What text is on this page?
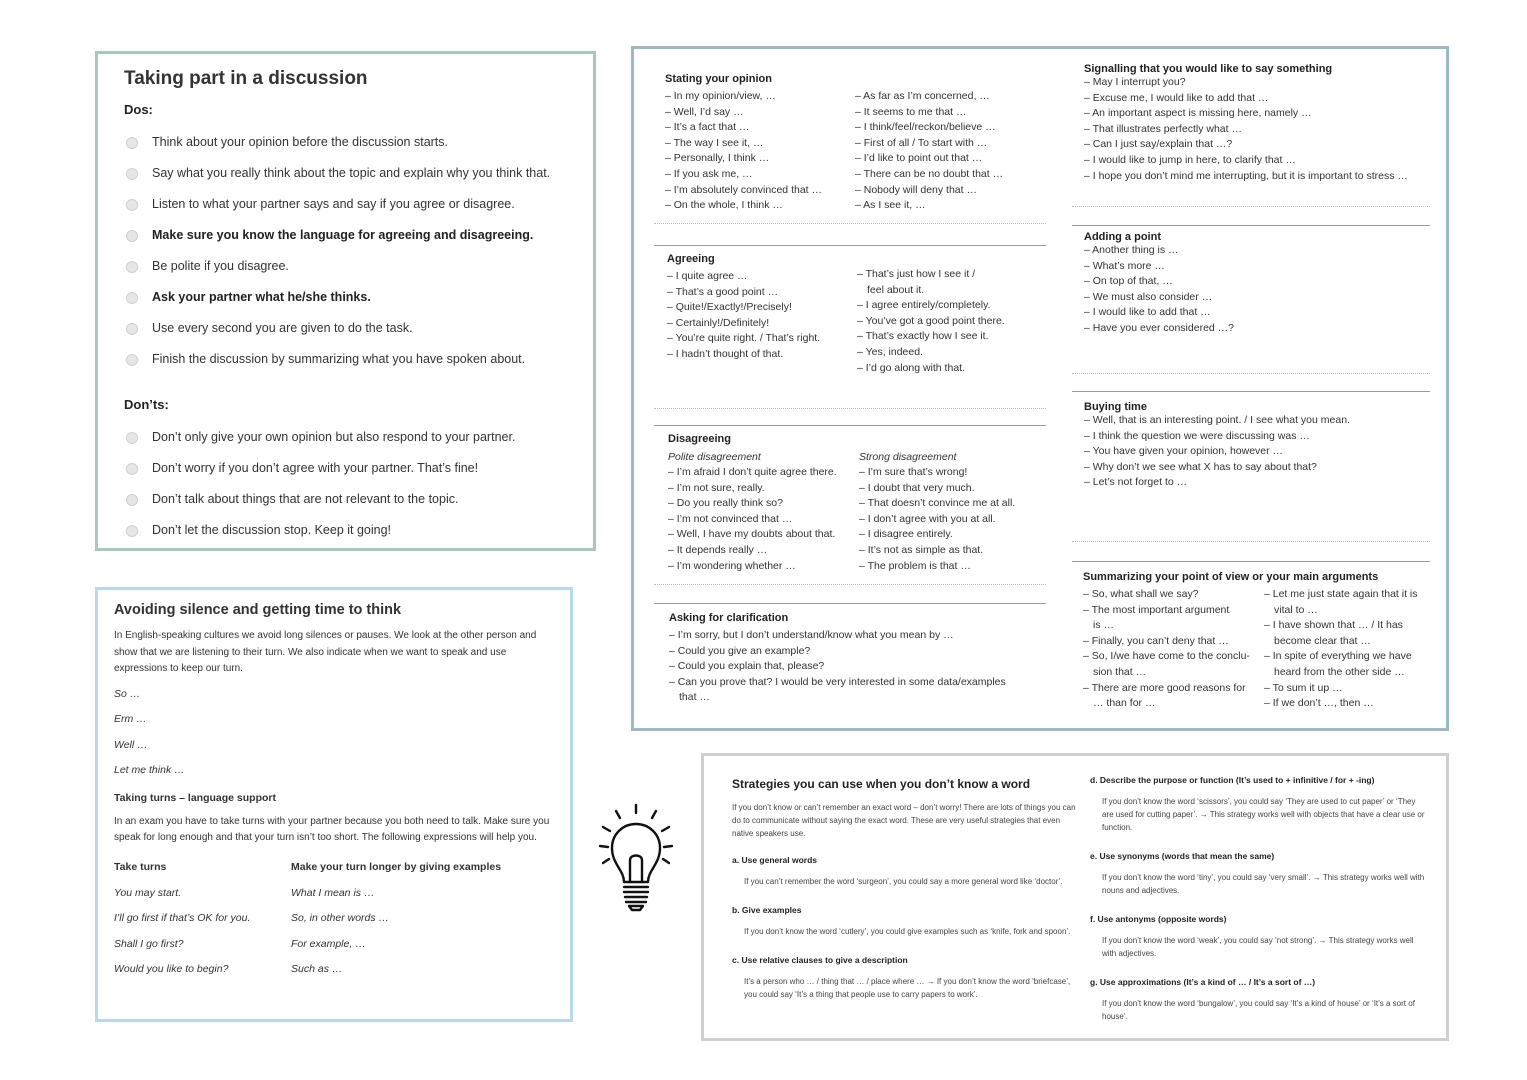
Taking part in a discussion
Dos:
Think about your opinion before the discussion starts.
Say what you really think about the topic and explain why you think that.
Listen to what your partner says and say if you agree or disagree.
Make sure you know the language for agreeing and disagreeing.
Be polite if you disagree.
Ask your partner what he/she thinks.
Use every second you are given to do the task.
Finish the discussion by summarizing what you have spoken about.
Don’ts:
Don’t only give your own opinion but also respond to your partner.
Don’t worry if you don’t agree with your partner. That’s fine!
Don’t talk about things that are not relevant to the topic.
Don’t let the discussion stop. Keep it going!
Avoiding silence and getting time to think

In English-speaking cultures we avoid long silences or pauses. We look at the other person and show that we are listening to their turn. We also indicate when we want to speak and use expressions to keep our turn.

So …
Erm …
Well …
Let me think …
Taking turns – language support

In an exam you have to take turns with your partner because you both need to talk. Make sure you speak for long enough and that your turn isn’t too short. The following expressions will help you.

Take turns
You may start.
I’ll go first if that’s OK for you.
Shall I go first?
Would you like to begin?
Make your turn longer by giving examples
What I mean is …
So, in other words …
For example, …
Such as …
Stating your opinion
– In my opinion/view, …
– Well, I’d say …
– It’s a fact that …
– The way I see it, …
– Personally, I think …
– If you ask me, …
– I’m absolutely convinced that …
– On the whole, I think …
– As far as I’m concerned, …
– It seems to me that …
– I think/feel/reckon/believe …
– First of all / To start with …
– I’d like to point out that …
– There can be no doubt that …
– Nobody will deny that …
– As I see it, …
Agreeing
– I quite agree …
– That’s a good point …
– Quite!/Exactly!/Precisely!
– Certainly!/Definitely!
– You’re quite right. / That’s right.
– I hadn’t thought of that.
– That’s just how I see it /
feel about it.
– I agree entirely/completely.
– You’ve got a good point there.
– That’s exactly how I see it.
– Yes, indeed.
– I’d go along with that.
Disagreeing
Polite disagreement
– I’m afraid I don’t quite agree there.
– I’m not sure, really.
– Do you really think so?
– I’m not convinced that …
– Well, I have my doubts about that.
– It depends really …
– I’m wondering whether …
Strong disagreement
– I’m sure that’s wrong!
– I doubt that very much.
– That doesn’t convince me at all.
– I don’t agree with you at all.
– I disagree entirely.
– It’s not as simple as that.
– The problem is that …
Asking for clarification
– I’m sorry, but I don’t understand/know what you mean by …
– Could you give an example?
– Could you explain that, please?
– Can you prove that? I would be very interested in some data/examples
that …
Signalling that you would like to say something
– May I interrupt you?
– Excuse me, I would like to add that …
– An important aspect is missing here, namely …
– That illustrates perfectly what …
– Can I just say/explain that …?
– I would like to jump in here, to clarify that …
– I hope you don’t mind me interrupting, but it is important to stress …
Adding a point
– Another thing is …
– What’s more …
– On top of that, …
– We must also consider …
– I would like to add that …
– Have you ever considered …?
Buying time
– Well, that is an interesting point. / I see what you mean.
– I think the question we were discussing was …
– You have given your opinion, however …
– Why don’t we see what X has to say about that?
– Let’s not forget to …
Summarizing your point of view or your main arguments
– So, what shall we say?
– The most important argument
is …
– Finally, you can’t deny that …
– So, I/we have come to the conclu-
sion that …
– There are more good reasons for
… than for …
– Let me just state again that it is
vital to …
– I have shown that … / It has
become clear that …
– In spite of everything we have
heard from the other side …
– To sum it up …
– If we don’t …, then …
Strategies you can use when you don’t know a word
If you don’t know or can’t remember an exact word – don’t worry! There are lots of things you can do to communicate without saying the exact word. These are very useful strategies that even native speakers use.
a. Use general words

If you can’t remember the word ‘surgeon’, you could say a more general word like ‘doctor’.

b. Give examples

If you don’t know the word ‘cutlery’, you could give examples such as ‘knife, fork and spoon’.

c. Use relative clauses to give a description

It’s a person who … / thing that … / place where … → If you don’t know the word ‘briefcase’, you could say ‘It’s a thing that people use to carry papers to work’.

d. Describe the purpose or function (It’s used to + infinitive / for + -ing)

If you don’t know the word ‘scissors’, you could say ‘They are used to cut paper’ or ‘They are used for cutting paper’. → This strategy works well with objects that have a clear use or function.

e. Use synonyms (words that mean the same)

If you don’t know the word ‘tiny’, you could say ‘very small’. → This strategy works well with nouns and adjectives.

f. Use antonyms (opposite words)

If you don’t know the word ‘weak’, you could say ‘not strong’. → This strategy works well with adjectives.

g. Use approximations (It’s a kind of … / It’s a sort of …)

If you don’t know the word ‘bungalow’, you could say ‘It’s a kind of house’ or ‘It’s a sort of house’.
